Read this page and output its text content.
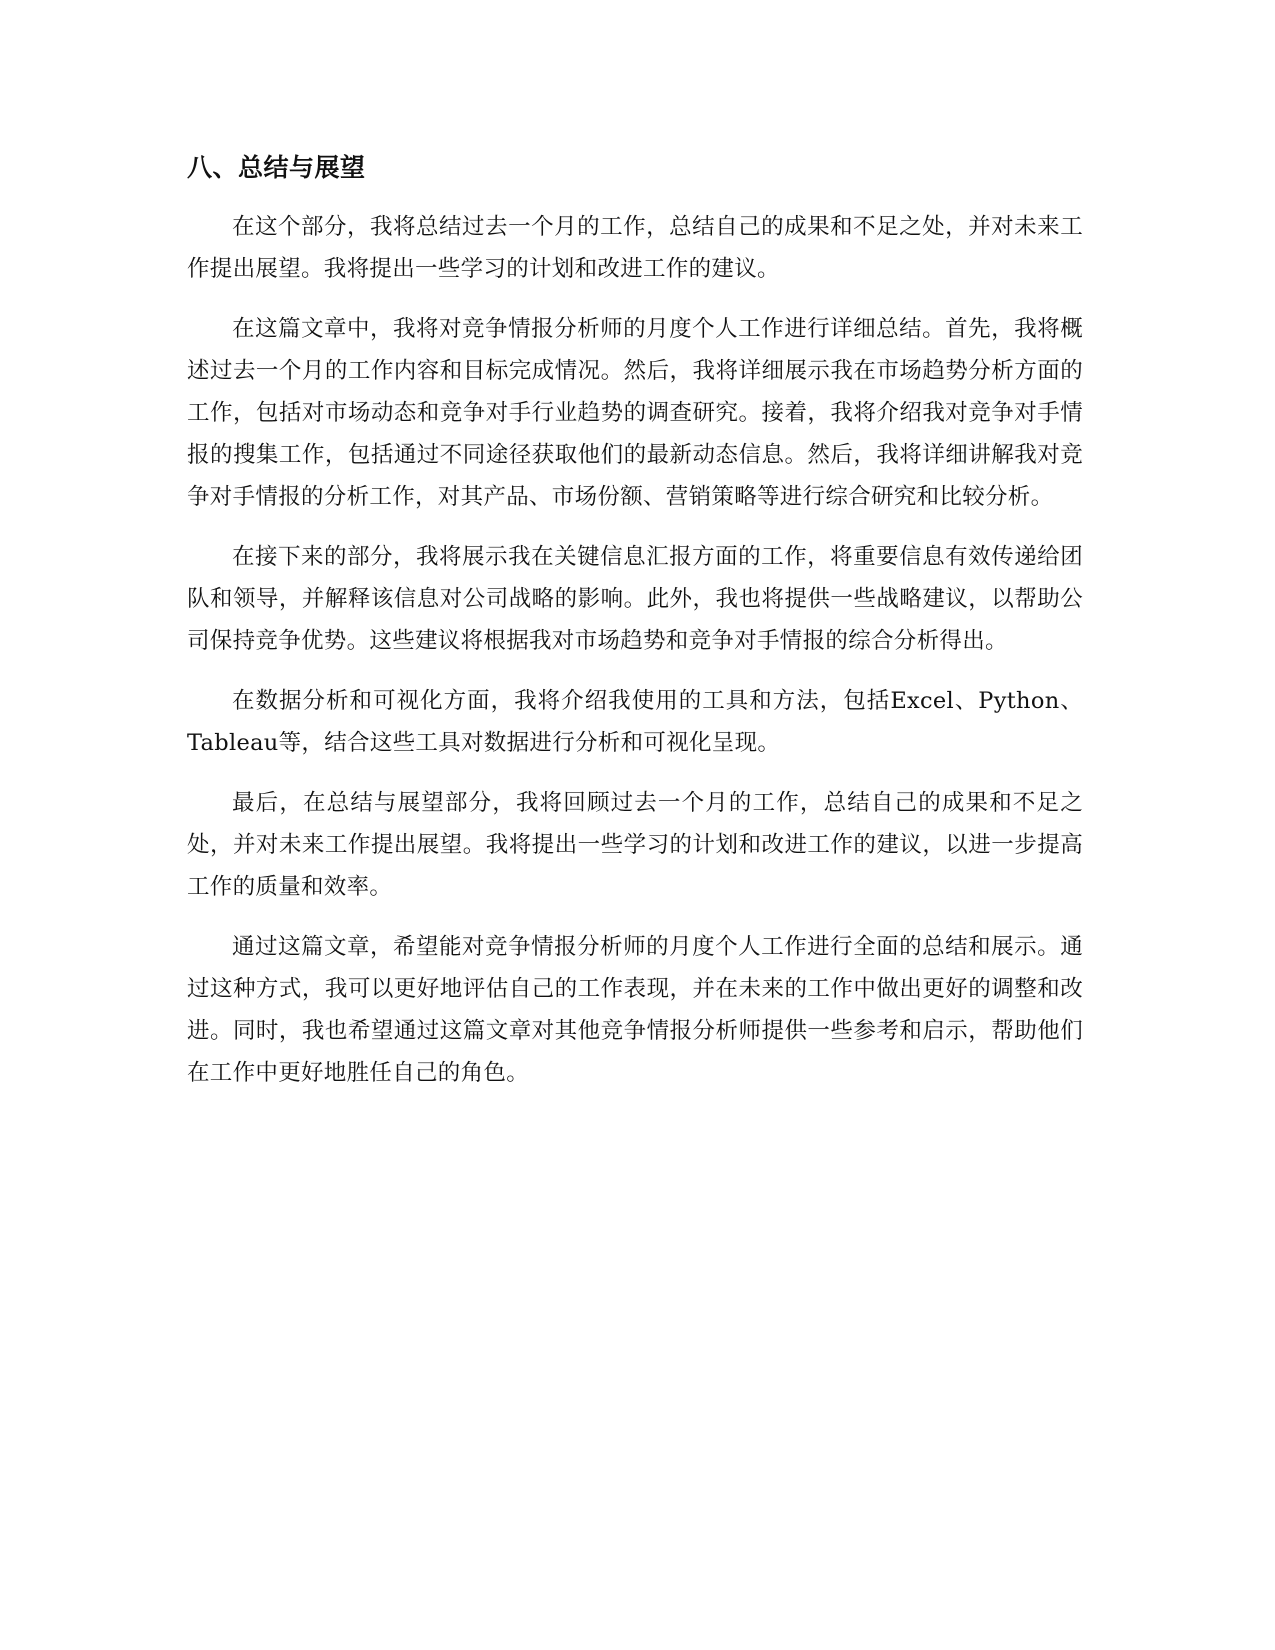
八、总结与展望

在这个部分，我将总结过去一个月的工作，总结自己的成果和不足之处，并对未来工作提出展望。我将提出一些学习的计划和改进工作的建议。

在这篇文章中，我将对竞争情报分析师的月度个人工作进行详细总结。首先，我将概述过去一个月的工作内容和目标完成情况。然后，我将详细展示我在市场趋势分析方面的工作，包括对市场动态和竞争对手行业趋势的调查研究。接着，我将介绍我对竞争对手情报的搜集工作，包括通过不同途径获取他们的最新动态信息。然后，我将详细讲解我对竞争对手情报的分析工作，对其产品、市场份额、营销策略等进行综合研究和比较分析。

在接下来的部分，我将展示我在关键信息汇报方面的工作，将重要信息有效传递给团队和领导，并解释该信息对公司战略的影响。此外，我也将提供一些战略建议，以帮助公司保持竞争优势。这些建议将根据我对市场趋势和竞争对手情报的综合分析得出。

在数据分析和可视化方面，我将介绍我使用的工具和方法，包括Excel、Python、Tableau等，结合这些工具对数据进行分析和可视化呈现。

最后，在总结与展望部分，我将回顾过去一个月的工作，总结自己的成果和不足之处，并对未来工作提出展望。我将提出一些学习的计划和改进工作的建议，以进一步提高工作的质量和效率。

通过这篇文章，希望能对竞争情报分析师的月度个人工作进行全面的总结和展示。通过这种方式，我可以更好地评估自己的工作表现，并在未来的工作中做出更好的调整和改进。同时，我也希望通过这篇文章对其他竞争情报分析师提供一些参考和启示，帮助他们在工作中更好地胜任自己的角色。
